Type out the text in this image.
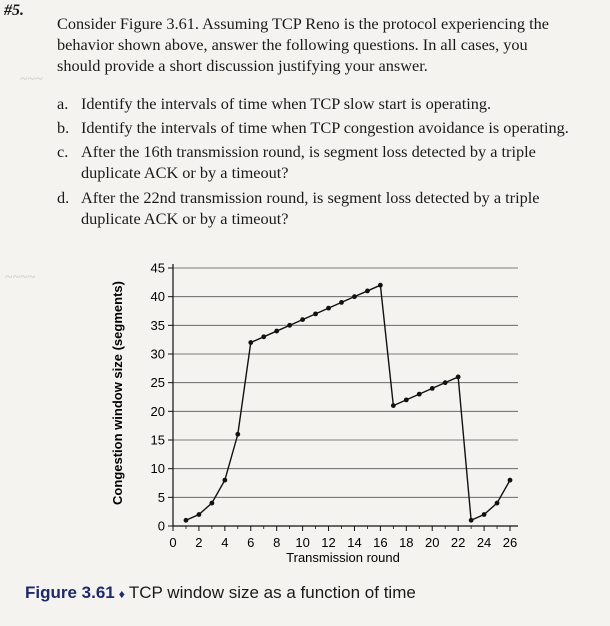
#5.
Consider Figure 3.61. Assuming TCP Reno is the protocol experiencing the
behavior shown above, answer the following questions. In all cases, you
should provide a short discussion justifying your answer.
a. Identify the intervals of time when TCP slow start is operating.
b. Identify the intervals of time when TCP congestion avoidance is operating.
c. After the 16th transmission round, is segment loss detected by a triple
duplicate ACK or by a timeout?
d. After the 22nd transmission round, is segment loss detected by a triple
duplicate ACK or by a timeout?
~~~
~~~~
0
5
10
15
20
25
30
35
40
45
0 2 4 6 8 10 12 14 16 18 20 22 24 26
Transmission round
Congestion window size (segments)
Figure 3.61 ♦ TCP window size as a function of time
